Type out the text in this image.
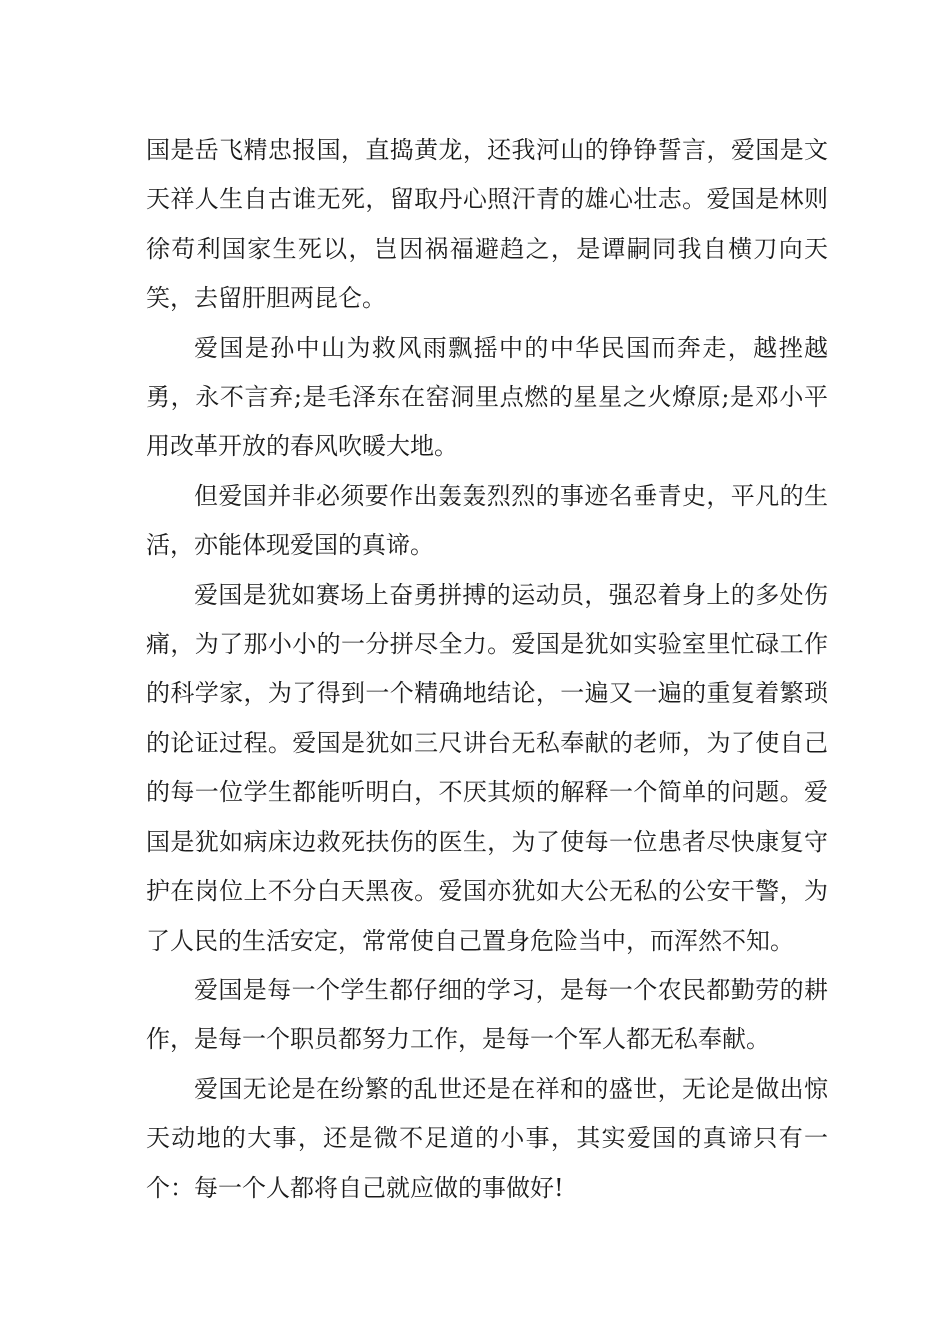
国是岳飞精忠报国，直捣黄龙，还我河山的铮铮誓言，爱国是文天祥人生自古谁无死，留取丹心照汗青的雄心壮志。爱国是林则徐苟利国家生死以，岂因祸福避趋之，是谭嗣同我自横刀向天笑，去留肝胆两昆仑。

爱国是孙中山为救风雨飘摇中的中华民国而奔走，越挫越勇，永不言弃;是毛泽东在窑洞里点燃的星星之火燎原;是邓小平用改革开放的春风吹暖大地。

但爱国并非必须要作出轰轰烈烈的事迹名垂青史，平凡的生活，亦能体现爱国的真谛。

爱国是犹如赛场上奋勇拼搏的运动员，强忍着身上的多处伤痛，为了那小小的一分拼尽全力。爱国是犹如实验室里忙碌工作的科学家，为了得到一个精确地结论，一遍又一遍的重复着繁琐的论证过程。爱国是犹如三尺讲台无私奉献的老师，为了使自己的每一位学生都能听明白，不厌其烦的解释一个简单的问题。爱国是犹如病床边救死扶伤的医生，为了使每一位患者尽快康复守护在岗位上不分白天黑夜。爱国亦犹如大公无私的公安干警，为了人民的生活安定，常常使自己置身危险当中，而浑然不知。

爱国是每一个学生都仔细的学习，是每一个农民都勤劳的耕作，是每一个职员都努力工作，是每一个军人都无私奉献。

爱国无论是在纷繁的乱世还是在祥和的盛世，无论是做出惊天动地的大事，还是微不足道的小事，其实爱国的真谛只有一个：每一个人都将自己就应做的事做好!
